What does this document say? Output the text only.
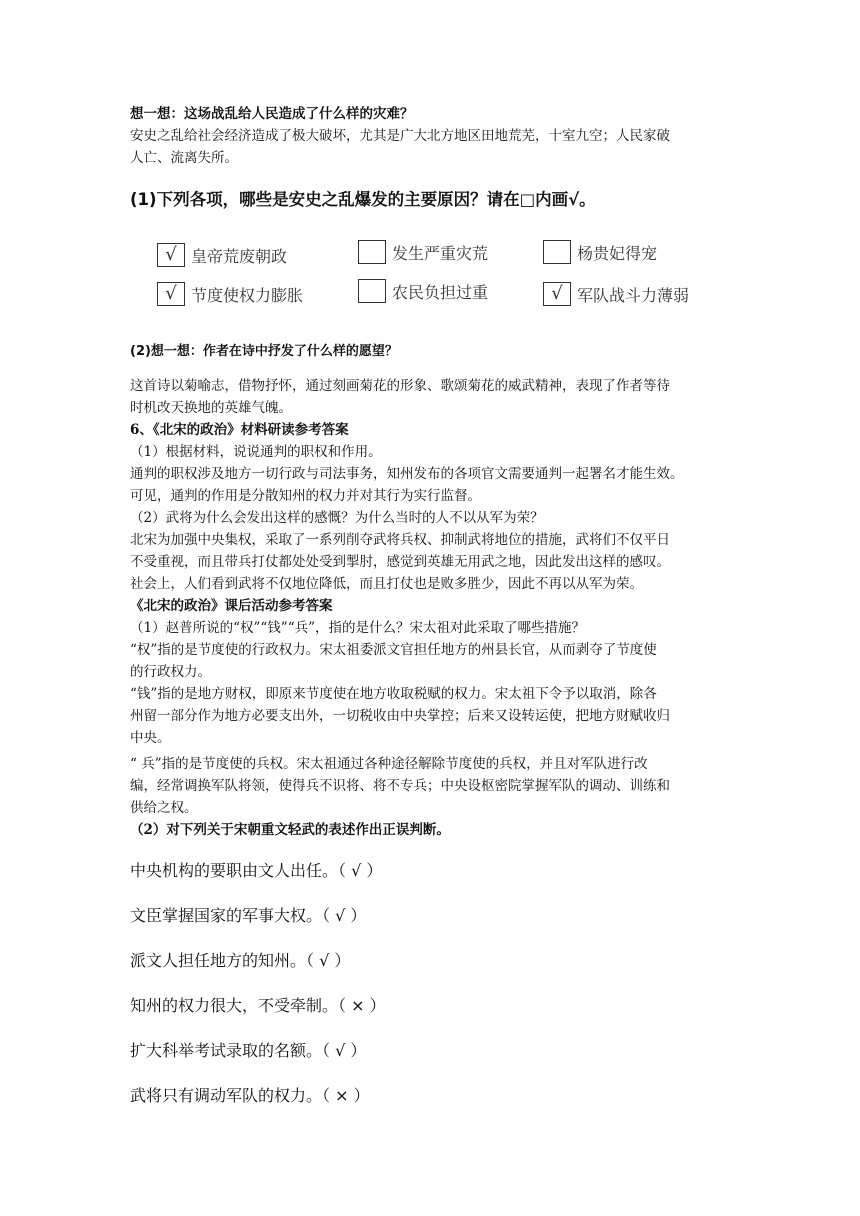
想一想：这场战乱给人民造成了什么样的灾难？
安史之乱给社会经济造成了极大破坏，尤其是广大北方地区田地荒芜，十室九空；人民家破
人亡、流离失所。
(1)下列各项，哪些是安史之乱爆发的主要原因？请在□内画√。
√ 皇帝荒废朝政	发生严重灾荒	杨贵妃得宠
√ 节度使权力膨胀	农民负担过重	√ 军队战斗力薄弱
(2)想一想：作者在诗中抒发了什么样的愿望？
这首诗以菊喻志，借物抒怀，通过刻画菊花的形象、歌颂菊花的威武精神，表现了作者等待
时机改天换地的英雄气魄。
6、《北宋的政治》材料研读参考答案
（1）根据材料，说说通判的职权和作用。
通判的职权涉及地方一切行政与司法事务，知州发布的各项官文需要通判一起署名才能生效。
可见，通判的作用是分散知州的权力并对其行为实行监督。
（2）武将为什么会发出这样的感慨？为什么当时的人不以从军为荣？
北宋为加强中央集权，采取了一系列削夺武将兵权、抑制武将地位的措施，武将们不仅平日
不受重视，而且带兵打仗都处处受到掣肘，感觉到英雄无用武之地，因此发出这样的感叹。
社会上，人们看到武将不仅地位降低，而且打仗也是败多胜少，因此不再以从军为荣。
《北宋的政治》课后活动参考答案
（1）赵普所说的“权”“钱”“兵”，指的是什么？宋太祖对此采取了哪些措施？
“权”指的是节度使的行政权力。宋太祖委派文官担任地方的州县长官，从而剥夺了节度使
的行政权力。
“钱”指的是地方财权，即原来节度使在地方收取税赋的权力。宋太祖下令予以取消，除各
州留一部分作为地方必要支出外，一切税收由中央掌控；后来又设转运使，把地方财赋收归
中央。
“ 兵”指的是节度使的兵权。宋太祖通过各种途径解除节度使的兵权，并且对军队进行改
编，经常调换军队将领，使得兵不识将、将不专兵；中央设枢密院掌握军队的调动、训练和
供给之权。
（2）对下列关于宋朝重文轻武的表述作出正误判断。
中央机构的要职由文人出任。（ √ ）
文臣掌握国家的军事大权。（ √ ）
派文人担任地方的知州。（ √ ）
知州的权力很大，不受牵制。（ × ）
扩大科举考试录取的名额。（ √ ）
武将只有调动军队的权力。（ × ）
